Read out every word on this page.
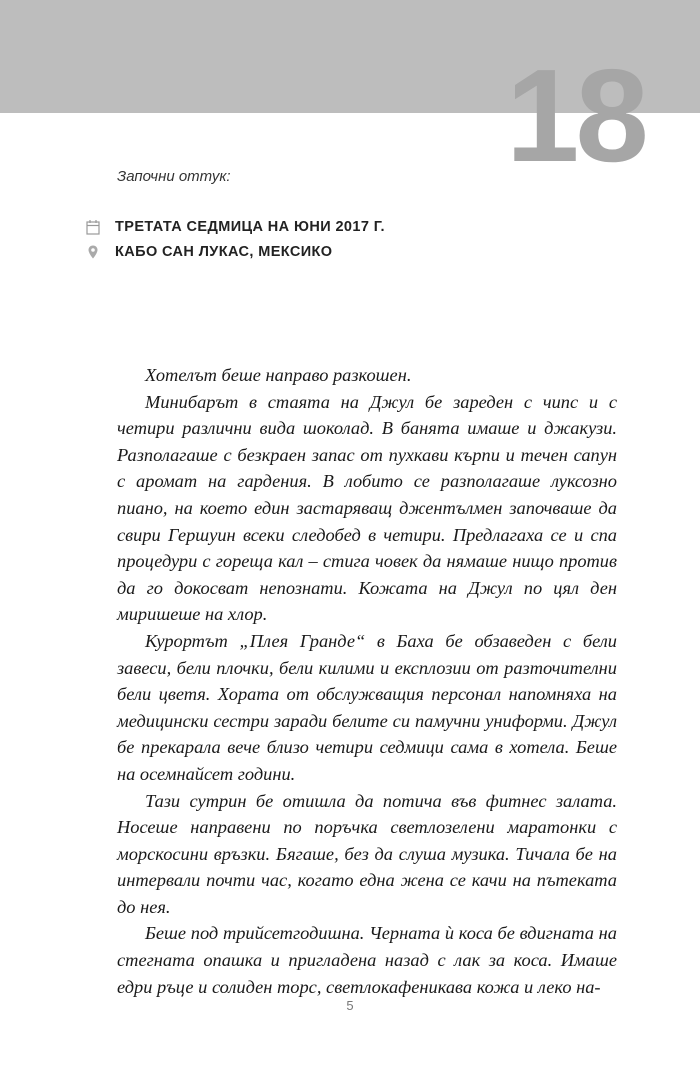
18
Започни оттук:
ТРЕТАТА СЕДМИЦА НА ЮНИ 2017 Г.
КАБО САН ЛУКАС, МЕКСИКО

Хотелът беше направо разкошен.

Минибарът в стаята на Джул бе зареден с чипс и с четири различни вида шоколад. В банята имаше и джакузи. Разполагаше с безкраен запас от пухкави кърпи и течен сапун с аромат на гардения. В лобито се разполагаше луксозно пиано, на което един застаряващ джентълмен започваше да свири Гершуин всеки следобед в четири. Предлагаха се и спа процедури с гореща кал – стига човек да нямаше нищо против да го докосват непознати. Кожата на Джул по цял ден миришеше на хлор.

Курортът „Плея Гранде“ в Баха бе обзаведен с бели завеси, бели плочки, бели килими и експлозии от разточителни бели цветя. Хората от обслужващия персонал напомняха на медицински сестри заради белите си памучни униформи. Джул бе прекарала вече близо четири седмици сама в хотела. Беше на осемнайсет години.

Тази сутрин бе отишла да потича във фитнес залата. Носеше направени по поръчка светлозелени маратонки с морскосини връзки. Бягаше, без да слуша музика. Тичала бе на интервали почти час, когато една жена се качи на пътеката до нея.

Беше под трийсетгодишна. Черната ѝ коса бе вдигната на стегната опашка и пригладена назад с лак за коса. Имаше едри ръце и солиден торс, светлокафеникава кожа и леко на-

5
